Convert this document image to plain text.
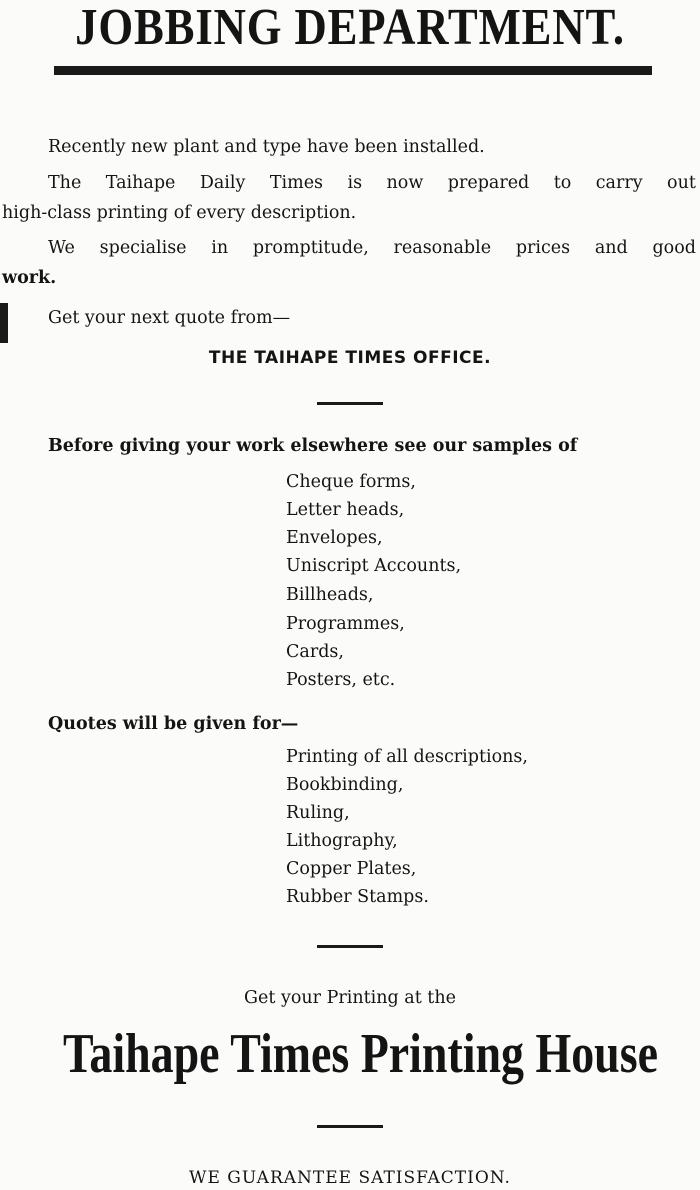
JOBBING DEPARTMENT.
Recently new plant and type have been installed.
The Taihape Daily Times is now prepared to carry out
high-class printing of every description.
We specialise in promptitude, reasonable prices and good
work.
Get your next quote from—
THE TAIHAPE TIMES OFFICE.
Before giving your work elsewhere see our samples of
Cheque forms,
Letter heads,
Envelopes,
Uniscript Accounts,
Billheads,
Programmes,
Cards,
Posters, etc.
Quotes will be given for—
Printing of all descriptions,
Bookbinding,
Ruling,
Lithography,
Copper Plates,
Rubber Stamps.
Get your Printing at the
Taihape Times Printing House
WE GUARANTEE SATISFACTION.
